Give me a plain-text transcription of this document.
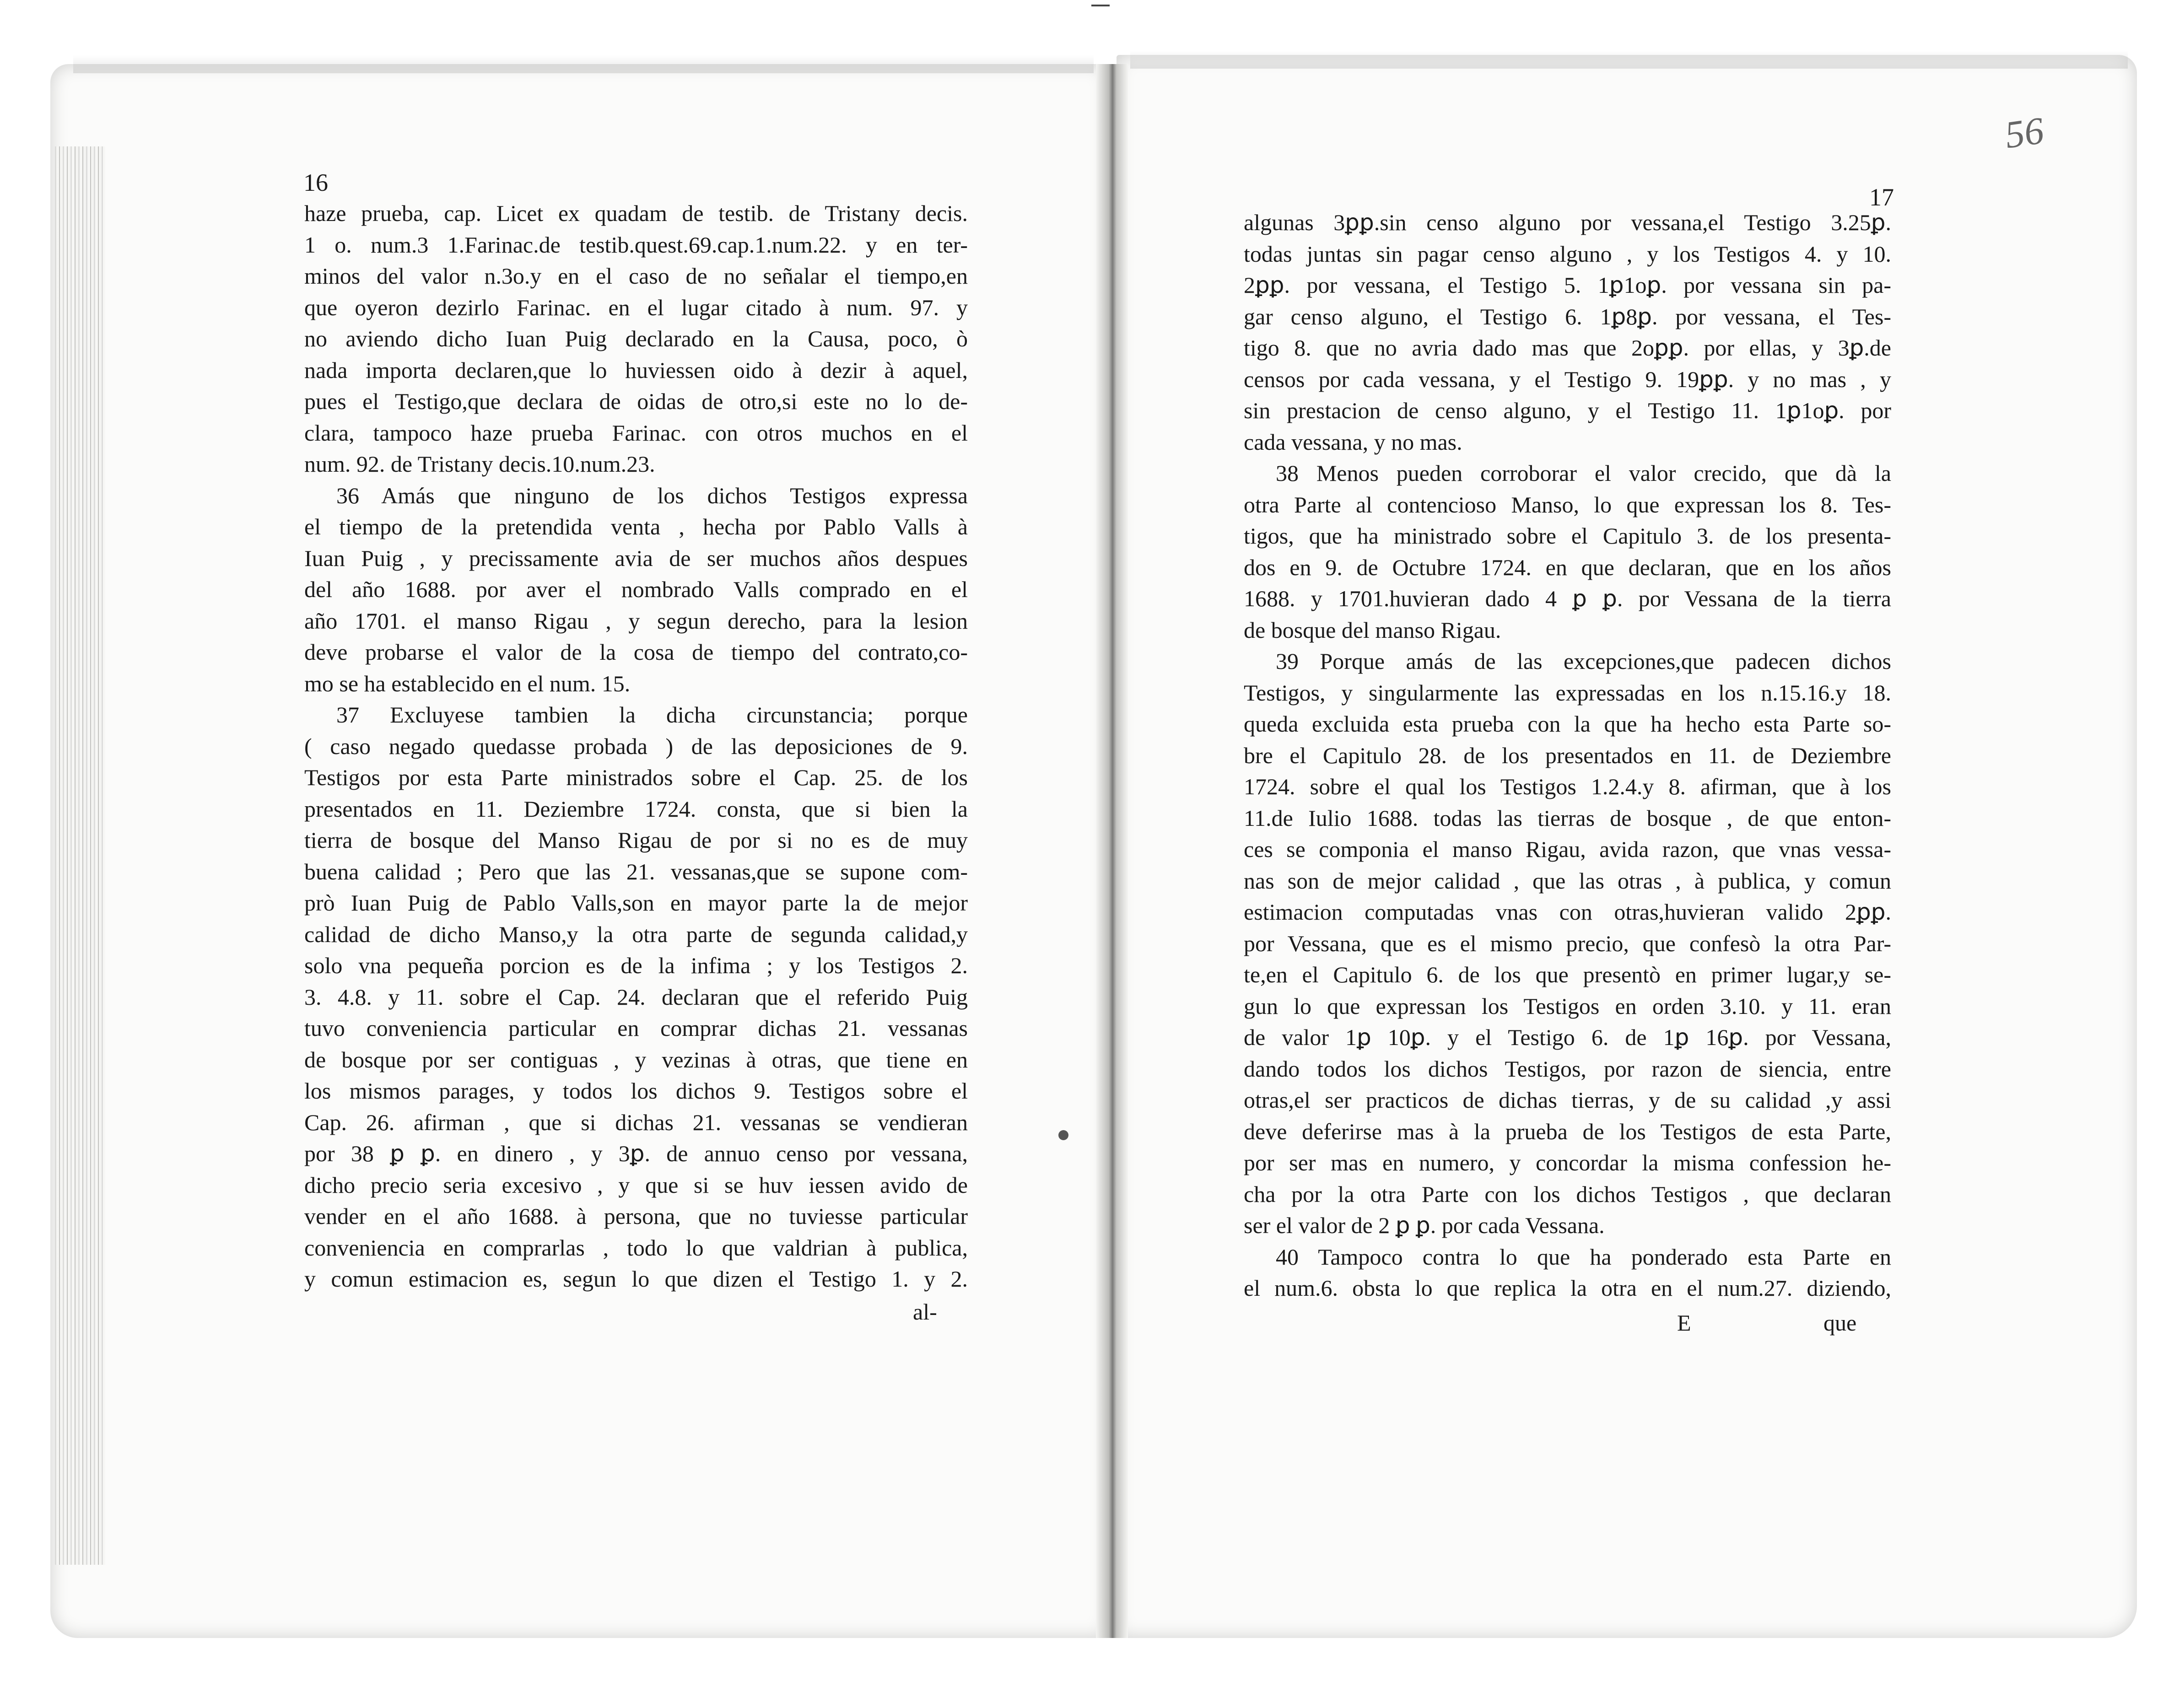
16
17
56
haze prueba, cap. Licet ex quadam de testib. de Tristany decis.
1 o. num.3 1.Farinac.de testib.quest.69.cap.1.num.22. y en ter-
minos del valor n.3o.y en el caso de no señalar el tiempo,en
que oyeron dezirlo Farinac. en el lugar citado à num. 97. y
no aviendo dicho Iuan Puig declarado en la Causa, poco, ò
nada importa declaren,que lo huviessen oido à dezir à aquel,
pues el Testigo,que declara de oidas de otro,si este no lo de-
clara, tampoco haze prueba Farinac. con otros muchos en el
num. 92. de Tristany decis.10.num.23.
36 Amás que ninguno de los dichos Testigos expressa
el tiempo de la pretendida venta , hecha por Pablo Valls à
Iuan Puig , y precissamente avia de ser muchos años despues
del año 1688. por aver el nombrado Valls comprado en el
año 1701. el manso Rigau , y segun derecho, para la lesion
deve probarse el valor de la cosa de tiempo del contrato,co-
mo se ha establecido en el num. 15.
37 Excluyese tambien la dicha circunstancia; porque
( caso negado quedasse probada ) de las deposiciones de 9.
Testigos por esta Parte ministrados sobre el Cap. 25. de los
presentados en 11. Deziembre 1724. consta, que si bien la
tierra de bosque del Manso Rigau de por si no es de muy
buena calidad ; Pero que las 21. vessanas,que se supone com-
prò Iuan Puig de Pablo Valls,son en mayor parte la de mejor
calidad de dicho Manso,y la otra parte de segunda calidad,y
solo vna pequeña porcion es de la infima ; y los Testigos 2.
3. 4.8. y 11. sobre el Cap. 24. declaran que el referido Puig
tuvo conveniencia particular en comprar dichas 21. vessanas
de bosque por ser contiguas , y vezinas à otras, que tiene en
los mismos parages, y todos los dichos 9. Testigos sobre el
Cap. 26. afirman , que si dichas 21. vessanas se vendieran
por 38 ꝑ ꝑ. en dinero , y 3ꝑ. de annuo censo por vessana,
dicho precio seria excesivo , y que si se huv iessen avido de
vender en el año 1688. à persona, que no tuviesse particular
conveniencia en comprarlas , todo lo que valdrian à publica,
y comun estimacion es, segun lo que dizen el Testigo 1. y 2.
al-
algunas 3ꝑꝑ.sin censo alguno por vessana,el Testigo 3.25ꝑ.
todas juntas sin pagar censo alguno , y los Testigos 4. y 10.
2ꝑꝑ. por vessana, el Testigo 5. 1ꝑ1oꝑ. por vessana sin pa-
gar censo alguno, el Testigo 6. 1ꝑ8ꝑ. por vessana, el Tes-
tigo 8. que no avria dado mas que 2oꝑꝑ. por ellas, y 3ꝑ.de
censos por cada vessana, y el Testigo 9. 19ꝑꝑ. y no mas , y
sin prestacion de censo alguno, y el Testigo 11. 1ꝑ1oꝑ. por
cada vessana, y no mas.
38 Menos pueden corroborar el valor crecido, que dà la
otra Parte al contencioso Manso, lo que expressan los 8. Tes-
tigos, que ha ministrado sobre el Capitulo 3. de los presenta-
dos en 9. de Octubre 1724. en que declaran, que en los años
1688. y 1701.huvieran dado 4 ꝑ ꝑ. por Vessana de la tierra
de bosque del manso Rigau.
39 Porque amás de las excepciones,que padecen dichos
Testigos, y singularmente las expressadas en los n.15.16.y 18.
queda excluida esta prueba con la que ha hecho esta Parte so-
bre el Capitulo 28. de los presentados en 11. de Deziembre
1724. sobre el qual los Testigos 1.2.4.y 8. afirman, que à los
11.de Iulio 1688. todas las tierras de bosque , de que enton-
ces se componia el manso Rigau, avida razon, que vnas vessa-
nas son de mejor calidad , que las otras , à publica, y comun
estimacion computadas vnas con otras,huvieran valido 2ꝑꝑ.
por Vessana, que es el mismo precio, que confesò la otra Par-
te,en el Capitulo 6. de los que presentò en primer lugar,y se-
gun lo que expressan los Testigos en orden 3.10. y 11. eran
de valor 1ꝑ 10ꝑ. y el Testigo 6. de 1ꝑ 16ꝑ. por Vessana,
dando todos los dichos Testigos, por razon de siencia, entre
otras,el ser practicos de dichas tierras, y de su calidad ,y assi
deve deferirse mas à la prueba de los Testigos de esta Parte,
por ser mas en numero, y concordar la misma confession he-
cha por la otra Parte con los dichos Testigos , que declaran
ser el valor de 2 ꝑ ꝑ. por cada Vessana.
40 Tampoco contra lo que ha ponderado esta Parte en
el num.6. obsta lo que replica la otra en el num.27. diziendo,
E	que
